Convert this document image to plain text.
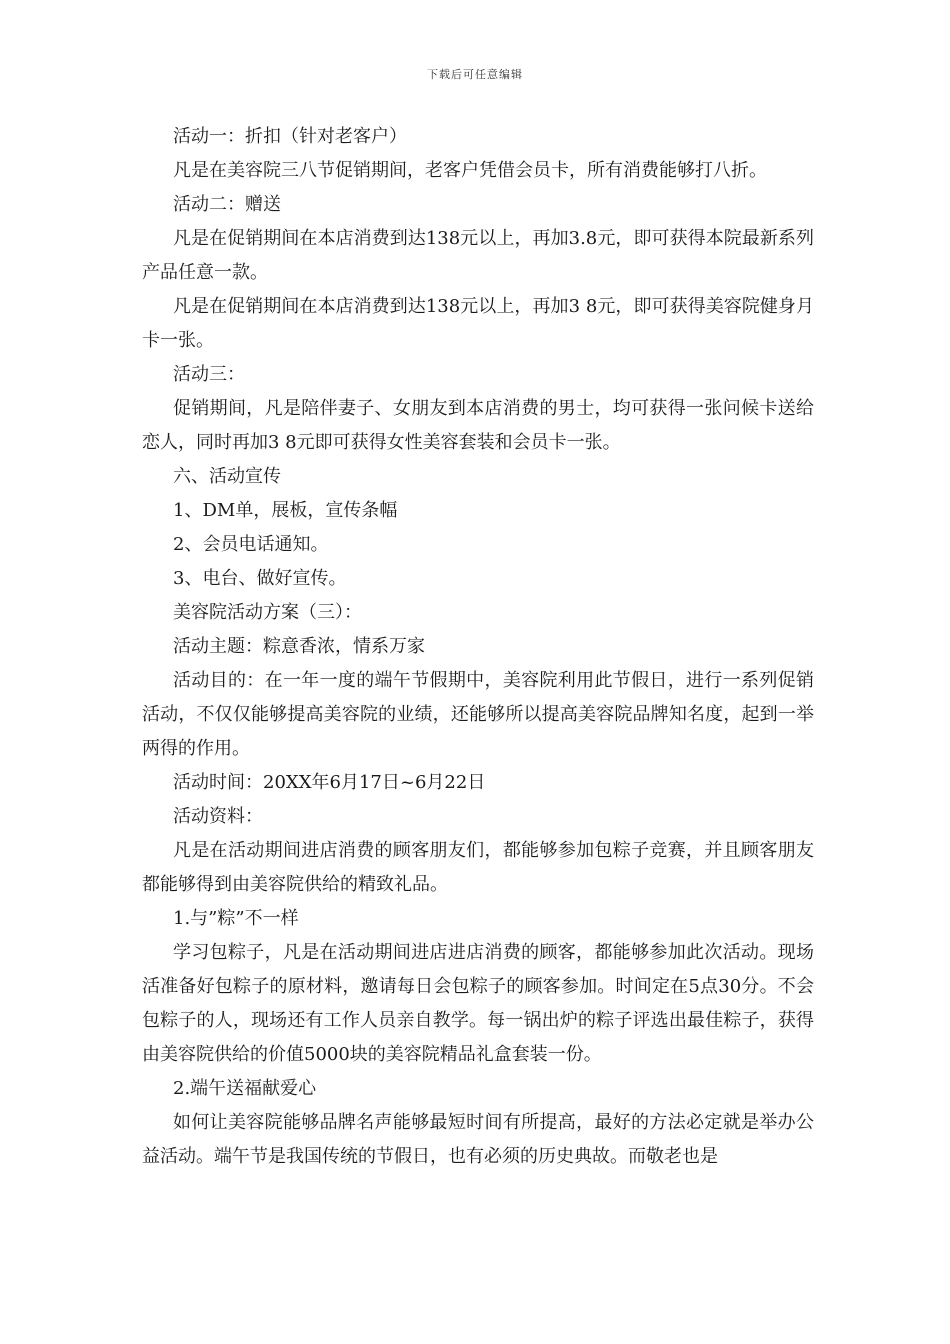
下载后可任意编辑

活动一：折扣（针对老客户）

凡是在美容院三八节促销期间，老客户凭借会员卡，所有消费能够打八折。

活动二：赠送

凡是在促销期间在本店消费到达138元以上，再加3.8元，即可获得本院最新系列产品任意一款。

凡是在促销期间在本店消费到达138元以上，再加3 8元，即可获得美容院健身月卡一张。

活动三：

促销期间，凡是陪伴妻子、女朋友到本店消费的男士，均可获得一张问候卡送给恋人，同时再加3 8元即可获得女性美容套装和会员卡一张。

六、活动宣传

1、DM单，展板，宣传条幅

2、会员电话通知。

3、电台、做好宣传。

美容院活动方案（三）：

活动主题：粽意香浓，情系万家

活动目的：在一年一度的端午节假期中，美容院利用此节假日，进行一系列促销活动，不仅仅能够提高美容院的业绩，还能够所以提高美容院品牌知名度，起到一举两得的作用。

活动时间：20XX年6月17日~6月22日

活动资料：

凡是在活动期间进店消费的顾客朋友们，都能够参加包粽子竞赛，并且顾客朋友都能够得到由美容院供给的精致礼品。

1.与”粽”不一样

学习包粽子，凡是在活动期间进店进店消费的顾客，都能够参加此次活动。现场活准备好包粽子的原材料，邀请每日会包粽子的顾客参加。时间定在5点30分。不会包粽子的人，现场还有工作人员亲自教学。每一锅出炉的粽子评选出最佳粽子，获得由美容院供给的价值5000块的美容院精品礼盒套装一份。

2.端午送福献爱心

如何让美容院能够品牌名声能够最短时间有所提高，最好的方法必定就是举办公益活动。端午节是我国传统的节假日，也有必须的历史典故。而敬老也是
